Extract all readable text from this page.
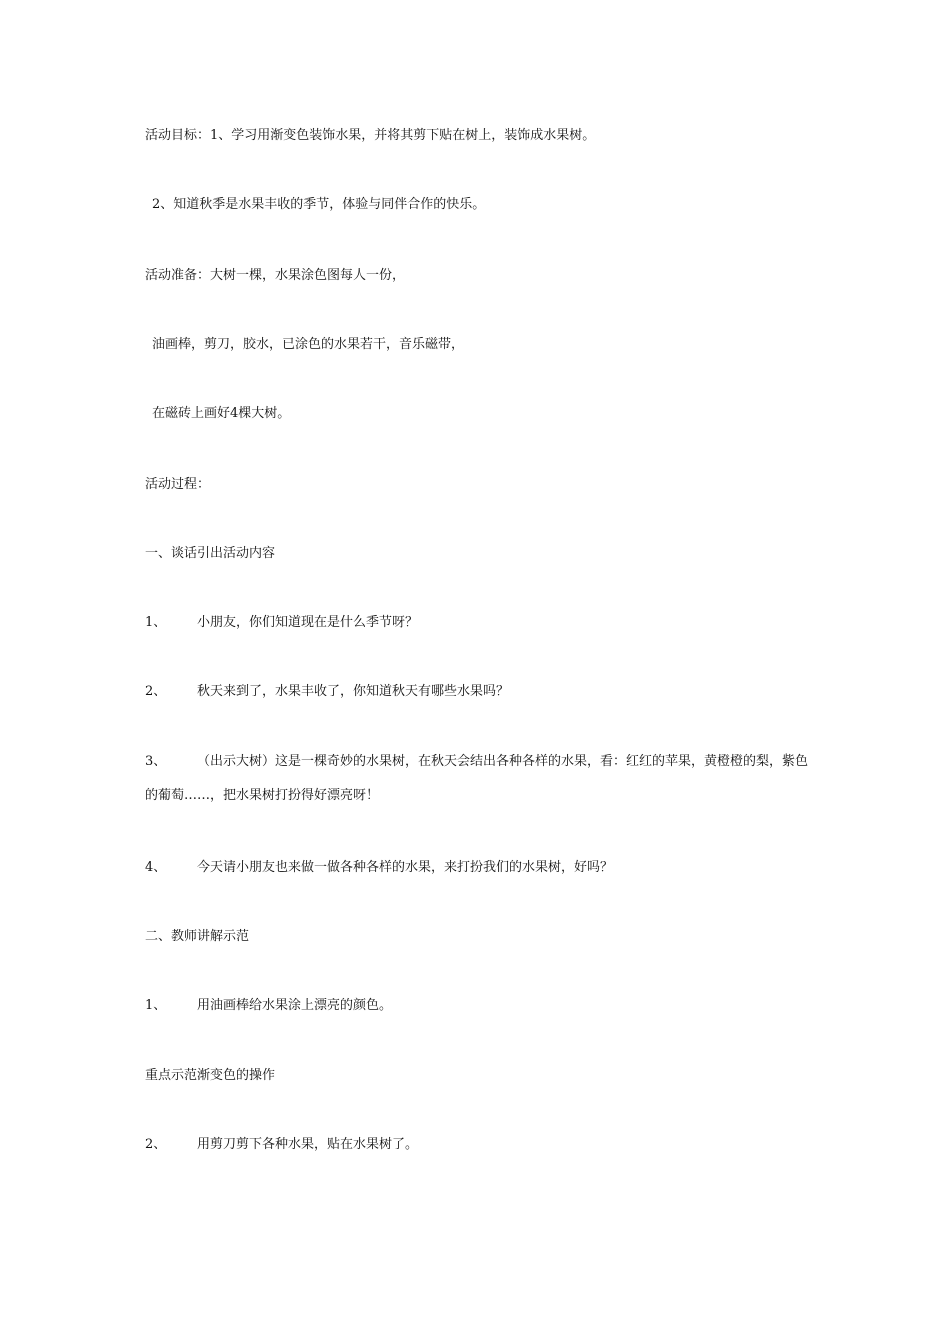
活动目标：1、学习用渐变色装饰水果，并将其剪下贴在树上，装饰成水果树。
2、知道秋季是水果丰收的季节，体验与同伴合作的快乐。
活动准备：大树一棵，水果涂色图每人一份，
油画棒，剪刀，胶水，已涂色的水果若干，音乐磁带，
在磁砖上画好4棵大树。
活动过程：
一、谈话引出活动内容
1、 小朋友，你们知道现在是什么季节呀？
2、 秋天来到了，水果丰收了，你知道秋天有哪些水果吗？
3、 （出示大树）这是一棵奇妙的水果树，在秋天会结出各种各样的水果，看：红红的苹果，黄橙橙的梨，紫色的葡萄……，把水果树打扮得好漂亮呀！
4、 今天请小朋友也来做一做各种各样的水果，来打扮我们的水果树，好吗？
二、教师讲解示范
1、 用油画棒给水果涂上漂亮的颜色。
重点示范渐变色的操作
2、 用剪刀剪下各种水果，贴在水果树了。
